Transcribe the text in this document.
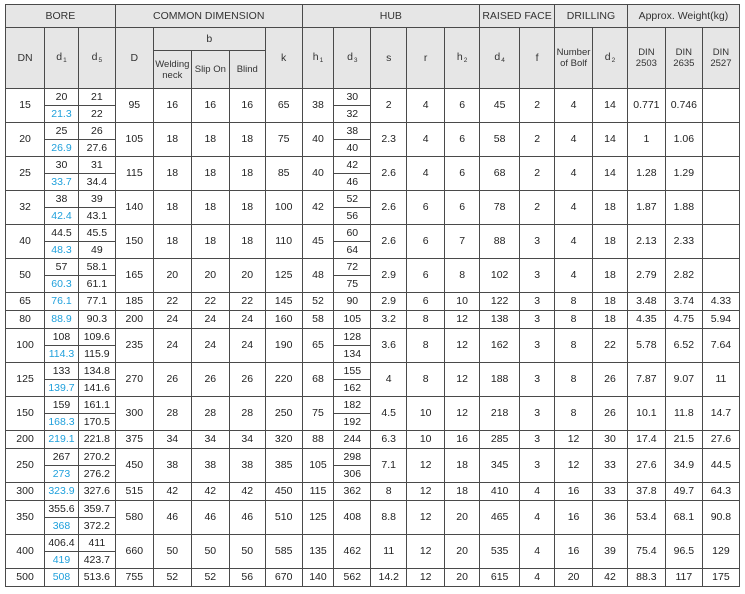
BORE			COMMON DIMENSION					HUB					RAISED FACE		DRILLING		Approx. Weight(kg)		
DN	$d_1$	$d_5$	D	b			k	$h_1$	$d_3$	s	r	$h_2$	$d_4$	f	Number of Bolf	$d_2$	DIN 2503	DIN 2635	DIN 2527
				Welding neck	Slip On	Blind													
15	20	21	95	16	16	16	65	38	30	2	4	6	45	2	4	14	0.771	0.746	
	21.3	22							32										
20	25	26	105	18	18	18	75	40	38	2.3	4	6	58	2	4	14	1	1.06	
	26.9	27.6							40										
25	30	31	115	18	18	18	85	40	42	2.6	4	6	68	2	4	14	1.28	1.29	
	33.7	34.4							46										
32	38	39	140	18	18	18	100	42	52	2.6	6	6	78	2	4	18	1.87	1.88	
	42.4	43.1							56										
40	44.5	45.5	150	18	18	18	110	45	60	2.6	6	7	88	3	4	18	2.13	2.33	
	48.3	49							64										
50	57	58.1	165	20	20	20	125	48	72	2.9	6	8	102	3	4	18	2.79	2.82	
	60.3	61.1							75										
65	76.1	77.1	185	22	22	22	145	52	90	2.9	6	10	122	3	8	18	3.48	3.74	4.33
80	88.9	90.3	200	24	24	24	160	58	105	3.2	8	12	138	3	8	18	4.35	4.75	5.94
100	108	109.6	235	24	24	24	190	65	128	3.6	8	12	162	3	8	22	5.78	6.52	7.64
	114.3	115.9							134										
125	133	134.8	270	26	26	26	220	68	155	4	8	12	188	3	8	26	7.87	9.07	11
	139.7	141.6							162										
150	159	161.1	300	28	28	28	250	75	182	4.5	10	12	218	3	8	26	10.1	11.8	14.7
	168.3	170.5							192										
200	219.1	221.8	375	34	34	34	320	88	244	6.3	10	16	285	3	12	30	17.4	21.5	27.6
250	267	270.2	450	38	38	38	385	105	298	7.1	12	18	345	3	12	33	27.6	34.9	44.5
	273	276.2							306										
300	323.9	327.6	515	42	42	42	450	115	362	8	12	18	410	4	16	33	37.8	49.7	64.3
350	355.6	359.7	580	46	46	46	510	125	408	8.8	12	20	465	4	16	36	53.4	68.1	90.8
	368	372.2																	
400	406.4	411	660	50	50	50	585	135	462	11	12	20	535	4	16	39	75.4	96.5	129
	419	423.7																	
500	508	513.6	755	52	52	56	670	140	562	14.2	12	20	615	4	20	42	88.3	117	175
